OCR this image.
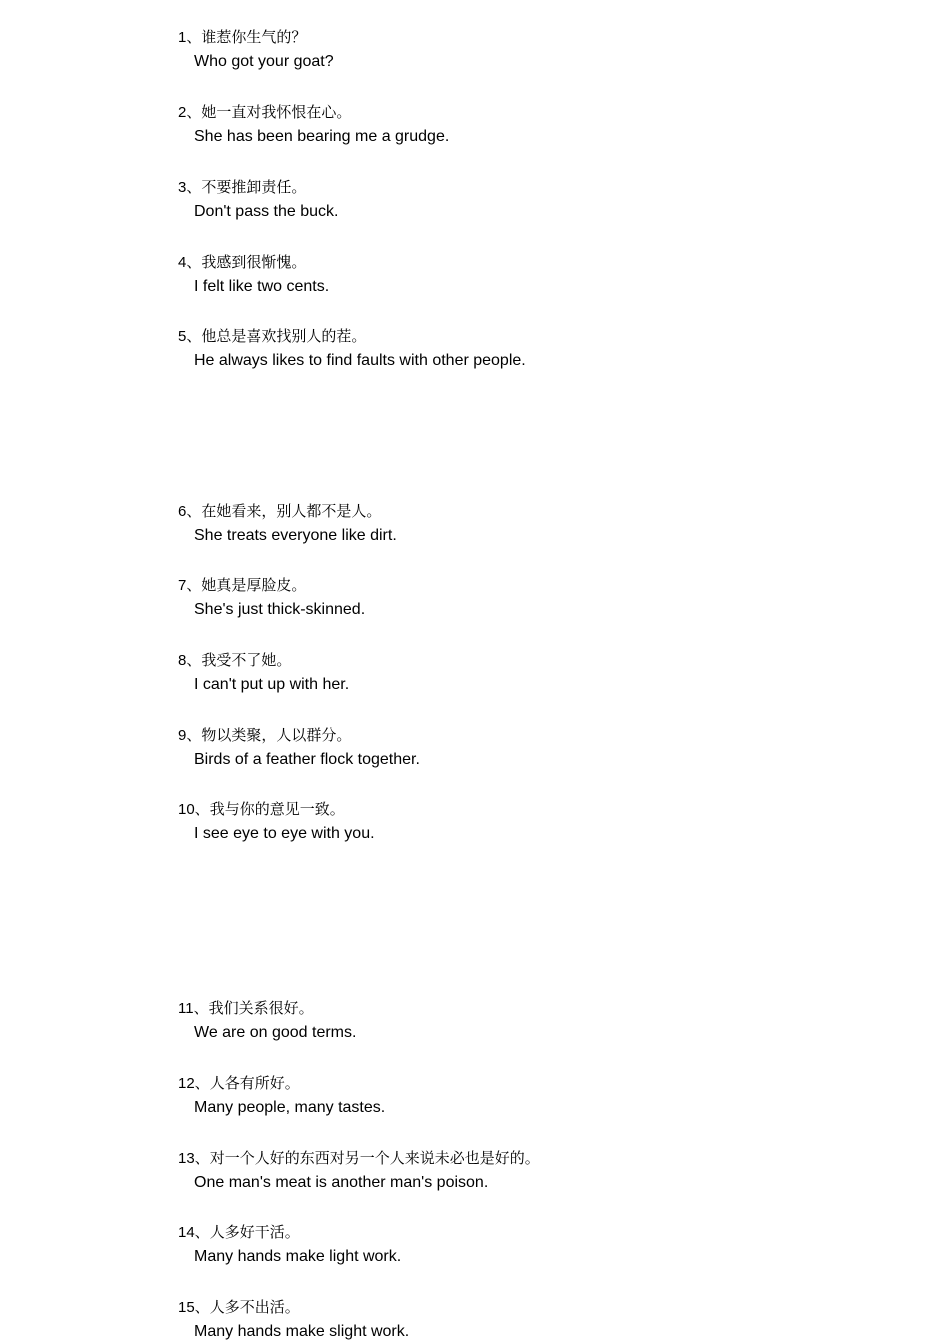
1、谁惹你生气的？
Who got your goat?
2、她一直对我怀恨在心。
She has been bearing me a grudge.
3、不要推卸责任。
Don't pass the buck.
4、我感到很惭愧。
I felt like two cents.
5、他总是喜欢找别人的茬。
He always likes to find faults with other people.
6、在她看来，别人都不是人。
She treats everyone like dirt.
7、她真是厚脸皮。
She's just thick-skinned.
8、我受不了她。
I can't put up with her.
9、物以类聚，人以群分。
Birds of a feather flock together.
10、我与你的意见一致。
I see eye to eye with you.
11、我们关系很好。
We are on good terms.
12、人各有所好。
Many people, many tastes.
13、对一个人好的东西对另一个人来说未必也是好的。
One man's meat is another man's poison.
14、人多好干活。
Many hands make light work.
15、人多不出活。
Many hands make slight work.
